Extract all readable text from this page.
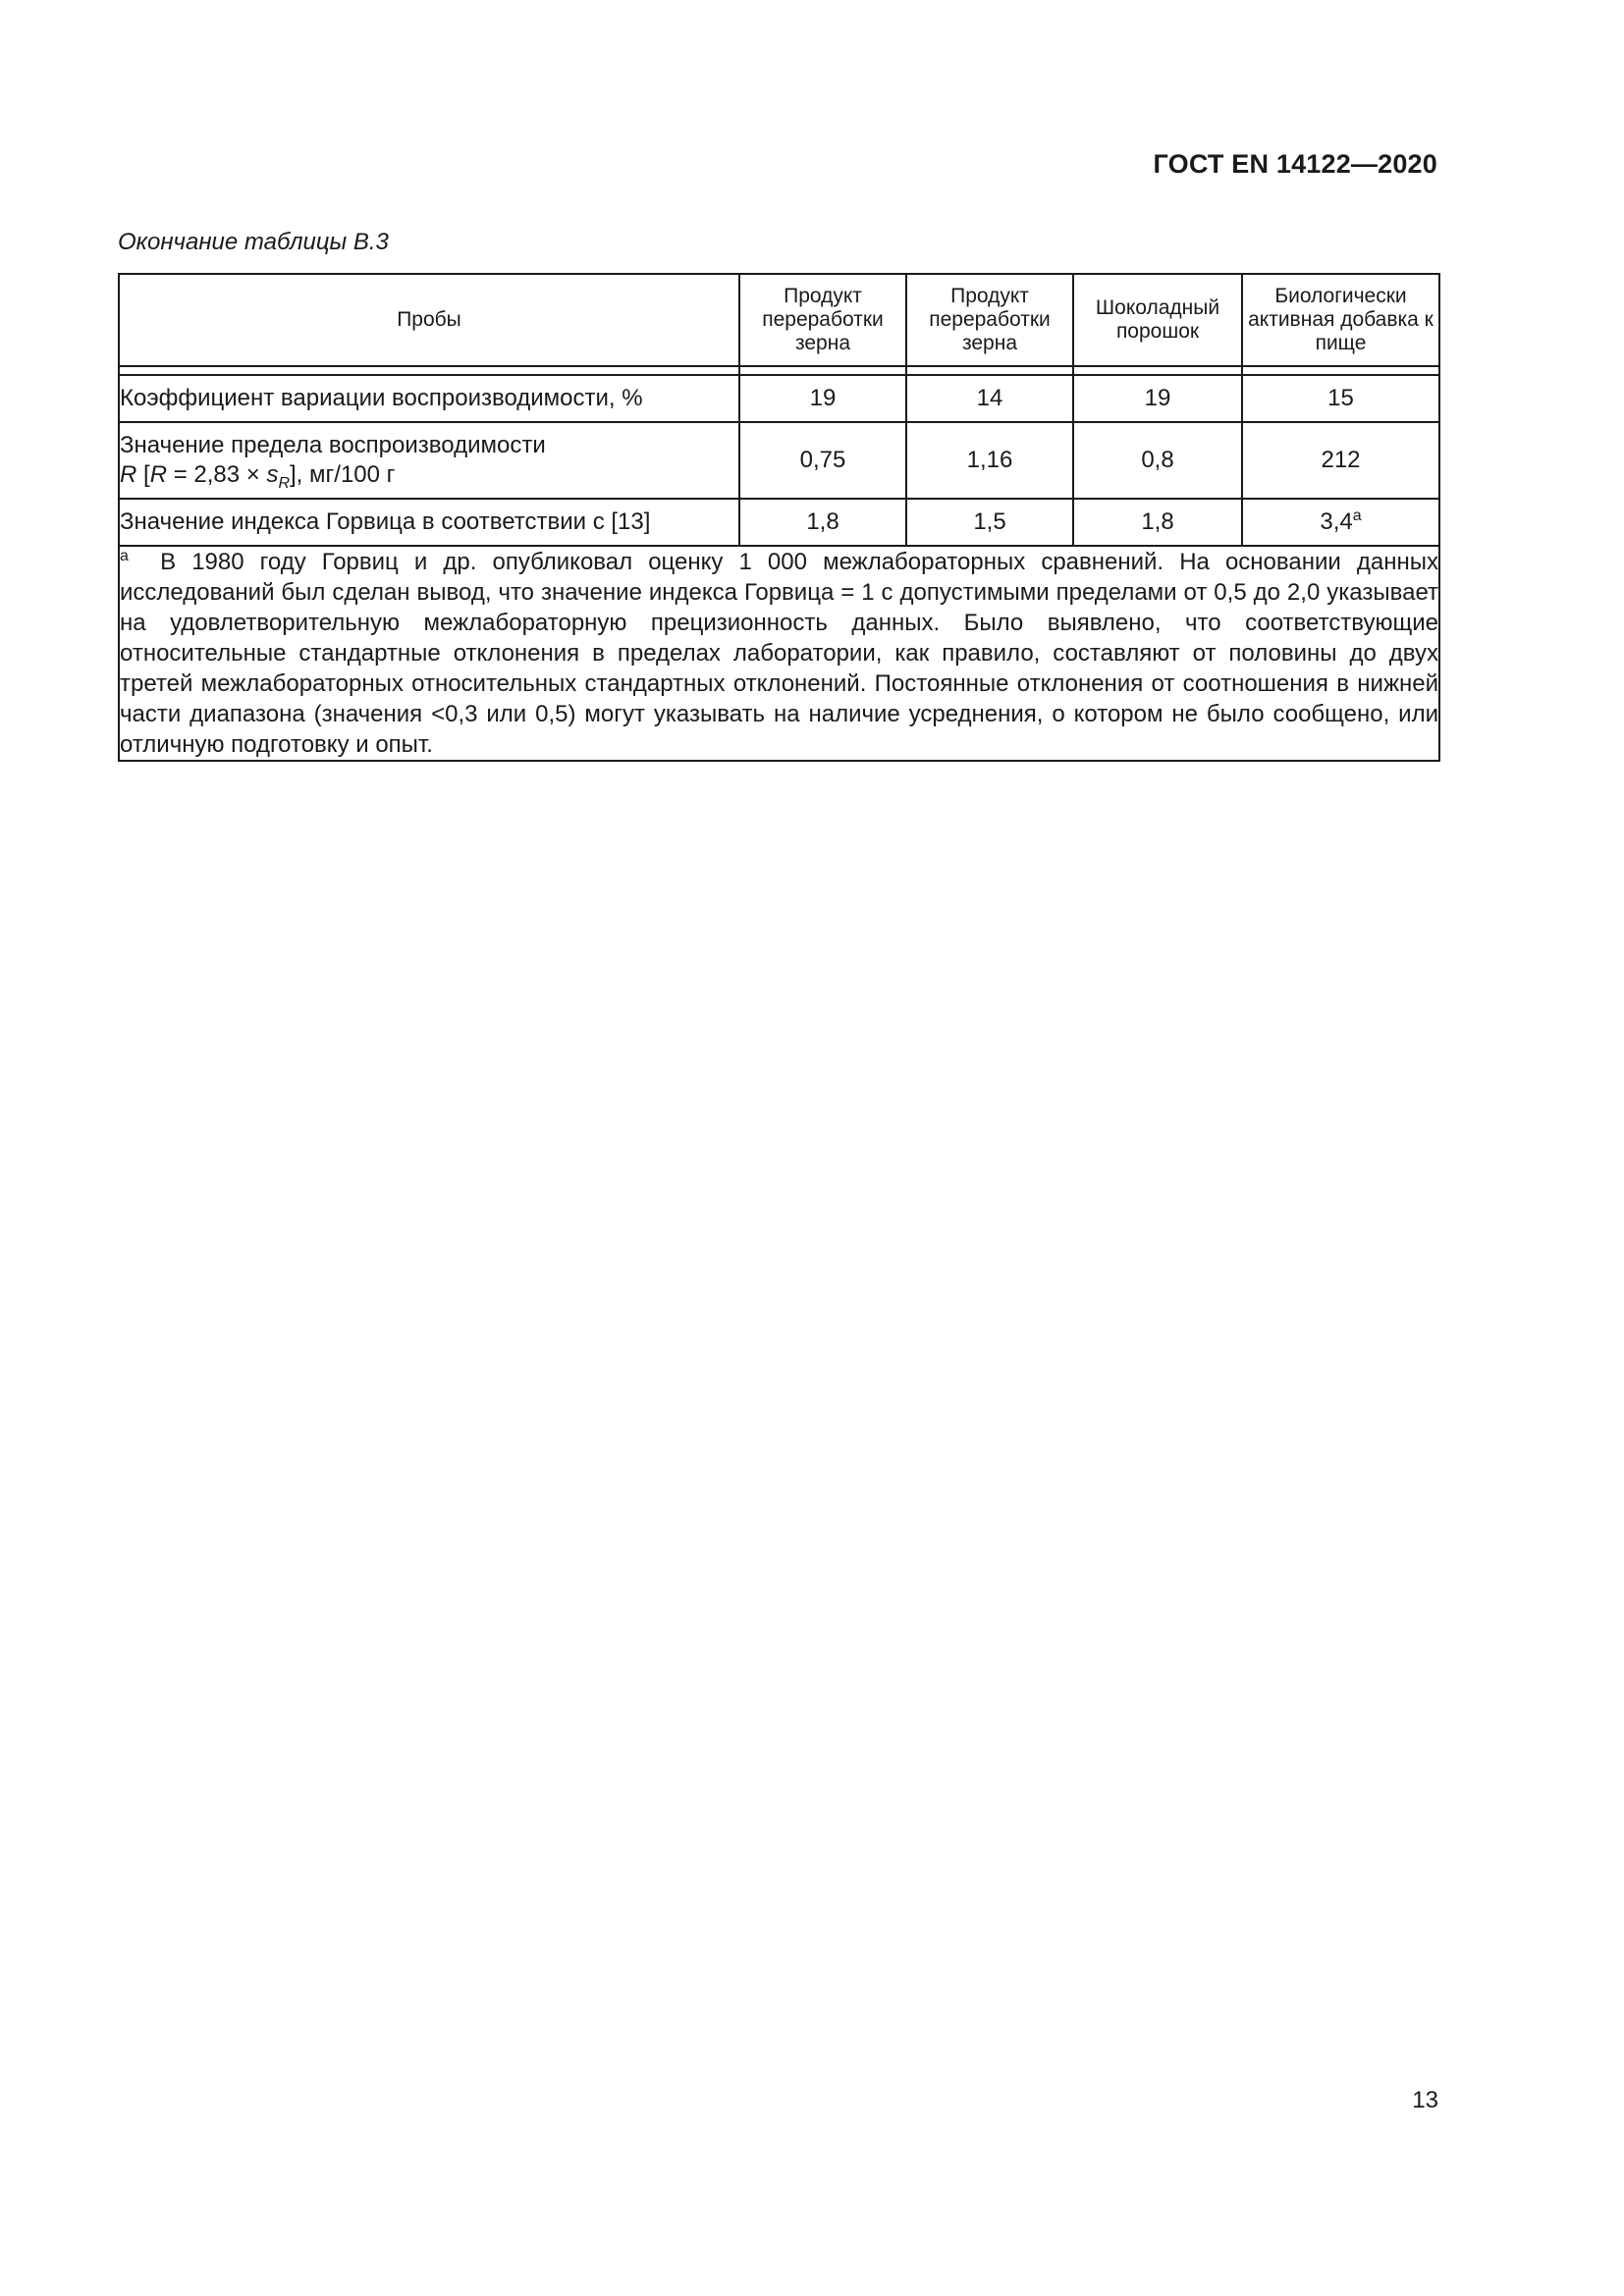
ГОСТ EN 14122—2020
Окончание таблицы В.3
Пробы	Продукт переработки зерна	Продукт переработки зерна	Шоколадный порошок	Биологически активная добавка к пище

Коэффициент вариации воспроизводимости, %	19	14	19	15

Значение предела воспроизводимости
R $[R = 2,83 \times s_R]$, мг/100 г	0,75	1,16	0,8	212
Значение индекса Горвица в соответствии с [13]	1,8	1,5	1,8	3,4$^a$
$^a$ В 1980 году Горвиц и др. опубликовал оценку 1 000 межлабораторных сравнений. На основании данных исследований был сделан вывод, что значение индекса Горвица = 1 с допустимыми пределами от 0,5 до 2,0 указывает на удовлетворительную межлабораторную прецизионность данных. Было выявлено, что соответствующие относительные стандартные отклонения в пределах лаборатории, как правило, составляют от половины до двух третей межлабораторных относительных стандартных отклонений. Постоянные отклонения от соотношения в нижней части диапазона (значения <0,3 или 0,5) могут указывать на наличие усреднения, о котором не было сообщено, или отличную подготовку и опыт.				
13
